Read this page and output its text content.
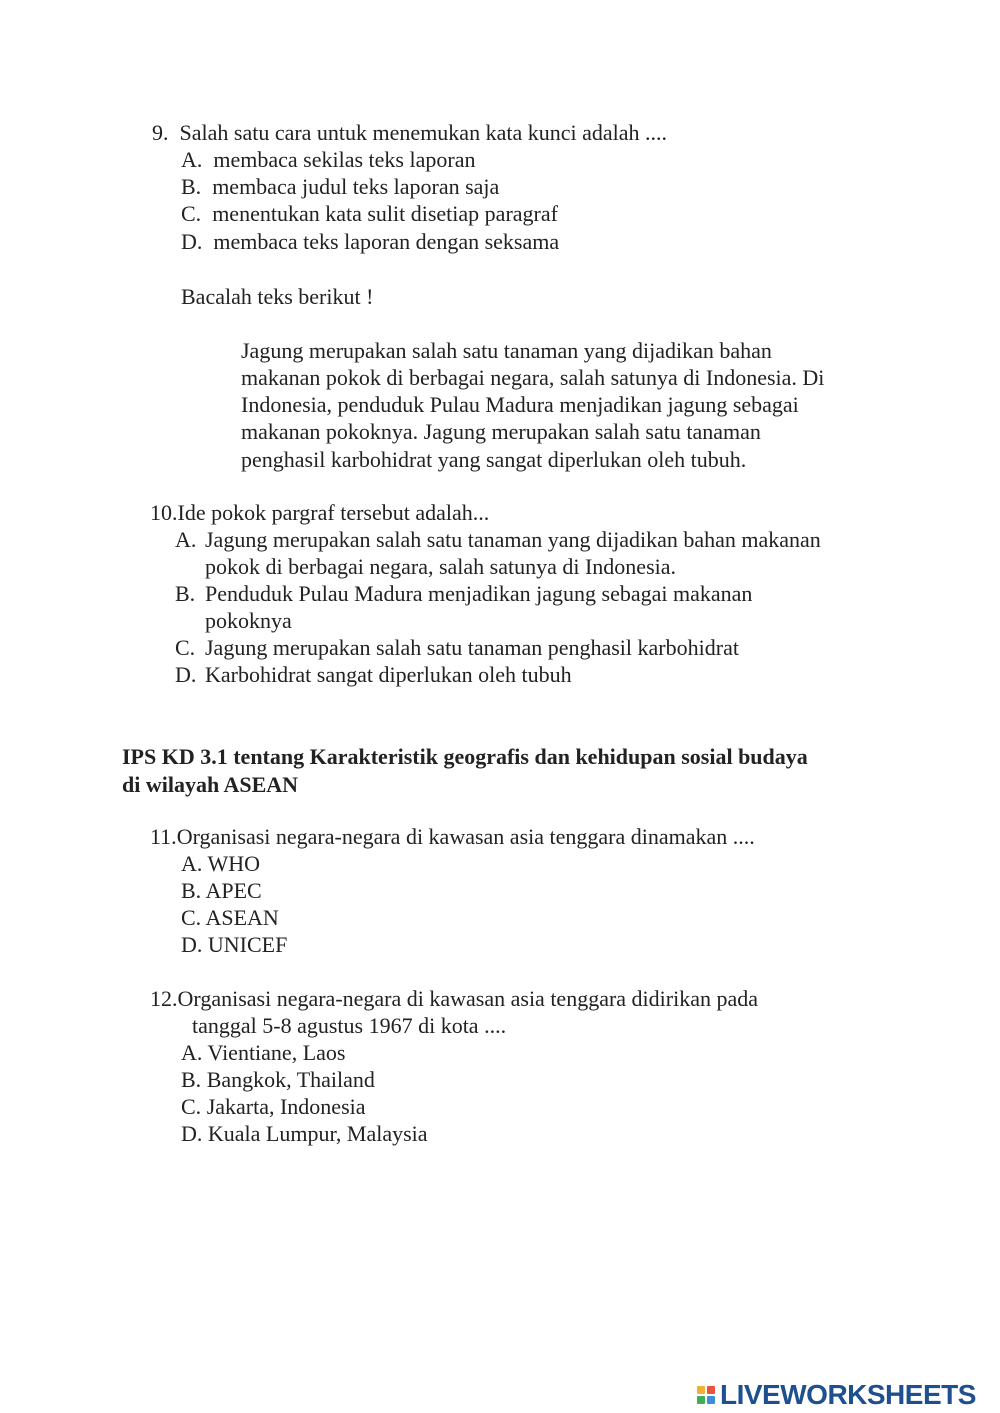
9. Salah satu cara untuk menemukan kata kunci adalah ....
A. membaca sekilas teks laporan
B. membaca judul teks laporan saja
C. menentukan kata sulit disetiap paragraf
D. membaca teks laporan dengan seksama
Bacalah teks berikut !
Jagung merupakan salah satu tanaman yang dijadikan bahan
makanan pokok di berbagai negara, salah satunya di Indonesia. Di
Indonesia, penduduk Pulau Madura menjadikan jagung sebagai
makanan pokoknya. Jagung merupakan salah satu tanaman
penghasil karbohidrat yang sangat diperlukan oleh tubuh.
10.Ide pokok pargraf tersebut adalah...
A. Jagung merupakan salah satu tanaman yang dijadikan bahan makanan
pokok di berbagai negara, salah satunya di Indonesia.
B. Penduduk Pulau Madura menjadikan jagung sebagai makanan
pokoknya
C. Jagung merupakan salah satu tanaman penghasil karbohidrat
D. Karbohidrat sangat diperlukan oleh tubuh
IPS KD 3.1 tentang Karakteristik geografis dan kehidupan sosial budaya
di wilayah ASEAN
11.Organisasi negara-negara di kawasan asia tenggara dinamakan ....
A. WHO
B. APEC
C. ASEAN
D. UNICEF
12.Organisasi negara-negara di kawasan asia tenggara didirikan pada
tanggal 5-8 agustus 1967 di kota ....
A. Vientiane, Laos
B. Bangkok, Thailand
C. Jakarta, Indonesia
D. Kuala Lumpur, Malaysia
LIVEWORKSHEETS
